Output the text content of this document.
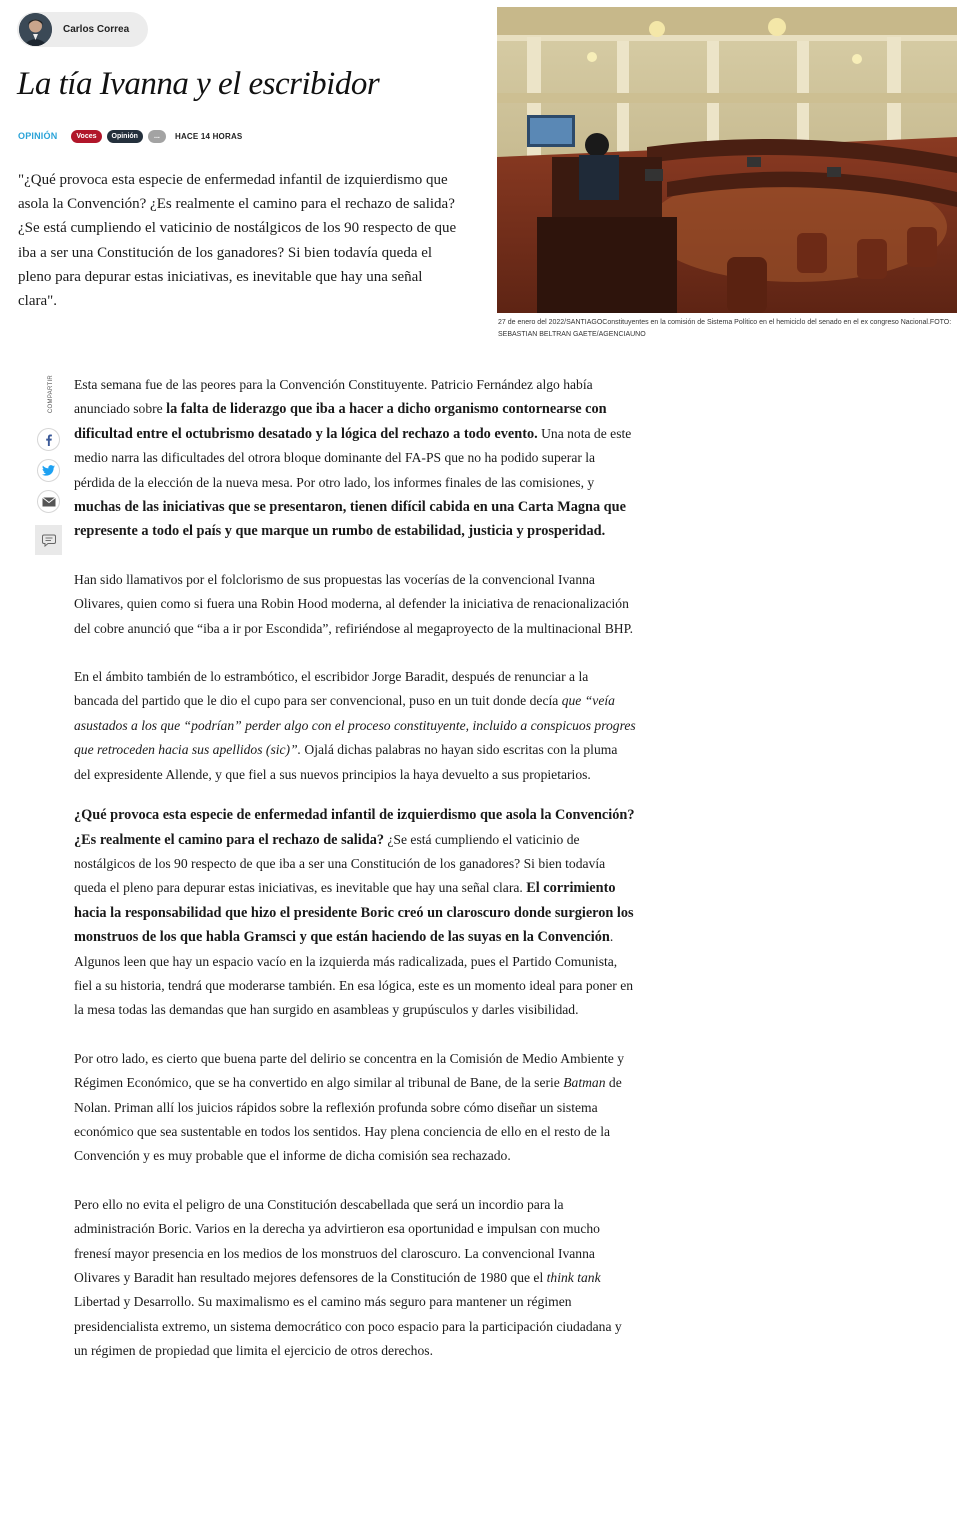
Carlos Correa
La tía Ivanna y el escribidor
OPINIÓN	Voces	Opinión	...	HACE 14 HORAS

"¿Qué provoca esta especie de enfermedad infantil de izquierdismo que asola la Convención? ¿Es realmente el camino para el rechazo de salida? ¿Se está cumpliendo el vaticinio de nostálgicos de los 90 respecto de que iba a ser una Constitución de los ganadores? Si bien todavía queda el pleno para depurar estas iniciativas, es inevitable que hay una señal clara".

27 de enero del 2022/SANTIAGOConstituyentes en la comisión de Sistema Político en el hemiciclo del senado en el ex congreso Nacional.FOTO: SEBASTIAN BELTRAN GAETE/AGENCIAUNO

COMPARTIR Esta semana fue de las peores para la Convención Constituyente. Patricio Fernández algo había anunciado sobre la falta de liderazgo que iba a hacer a dicho organismo contornearse con dificultad entre el octubrismo desatado y la lógica del rechazo a todo evento. Una nota de este medio narra las dificultades del otrora bloque dominante del FA-PS que no ha podido superar la pérdida de la elección de la nueva mesa. Por otro lado, los informes finales de las comisiones, y muchas de las iniciativas que se presentaron, tienen difícil cabida en una Carta Magna que represente a todo el país y que marque un rumbo de estabilidad, justicia y prosperidad.

Han sido llamativos por el folclorismo de sus propuestas las vocerías de la convencional Ivanna Olivares, quien como si fuera una Robin Hood moderna, al defender la iniciativa de renacionalización del cobre anunció que “iba a ir por Escondida”, refiriéndose al megaproyecto de la multinacional BHP.

En el ámbito también de lo estrambótico, el escribidor Jorge Baradit, después de renunciar a la bancada del partido que le dio el cupo para ser convencional, puso en un tuit donde decía que “veía asustados a los que “podrían” perder algo con el proceso constituyente, incluido a conspicuos progres que retroceden hacia sus apellidos (sic)”. Ojalá dichas palabras no hayan sido escritas con la pluma del expresidente Allende, y que fiel a sus nuevos principios la haya devuelto a sus propietarios.

¿Qué provoca esta especie de enfermedad infantil de izquierdismo que asola la Convención? ¿Es realmente el camino para el rechazo de salida? ¿Se está cumpliendo el vaticinio de nostálgicos de los 90 respecto de que iba a ser una Constitución de los ganadores? Si bien todavía queda el pleno para depurar estas iniciativas, es inevitable que hay una señal clara. El corrimiento hacia la responsabilidad que hizo el presidente Boric creó un claroscuro donde surgieron los monstruos de los que habla Gramsci y que están haciendo de las suyas en la Convención. Algunos leen que hay un espacio vacío en la izquierda más radicalizada, pues el Partido Comunista, fiel a su historia, tendrá que moderarse también. En esa lógica, este es un momento ideal para poner en la mesa todas las demandas que han surgido en asambleas y grupúsculos y darles visibilidad.

Por otro lado, es cierto que buena parte del delirio se concentra en la Comisión de Medio Ambiente y Régimen Económico, que se ha convertido en algo similar al tribunal de Bane, de la serie Batman de Nolan. Priman allí los juicios rápidos sobre la reflexión profunda sobre cómo diseñar un sistema económico que sea sustentable en todos los sentidos. Hay plena conciencia de ello en el resto de la Convención y es muy probable que el informe de dicha comisión sea rechazado.

Pero ello no evita el peligro de una Constitución descabellada que será un incordio para la administración Boric. Varios en la derecha ya advirtieron esa oportunidad e impulsan con mucho frenesí mayor presencia en los medios de los monstruos del claroscuro. La convencional Ivanna Olivares y Baradit han resultado mejores defensores de la Constitución de 1980 que el think tank Libertad y Desarrollo. Su maximalismo es el camino más seguro para mantener un régimen presidencialista extremo, un sistema democrático con poco espacio para la participación ciudadana y un régimen de propiedad que limita el ejercicio de otros derechos.
